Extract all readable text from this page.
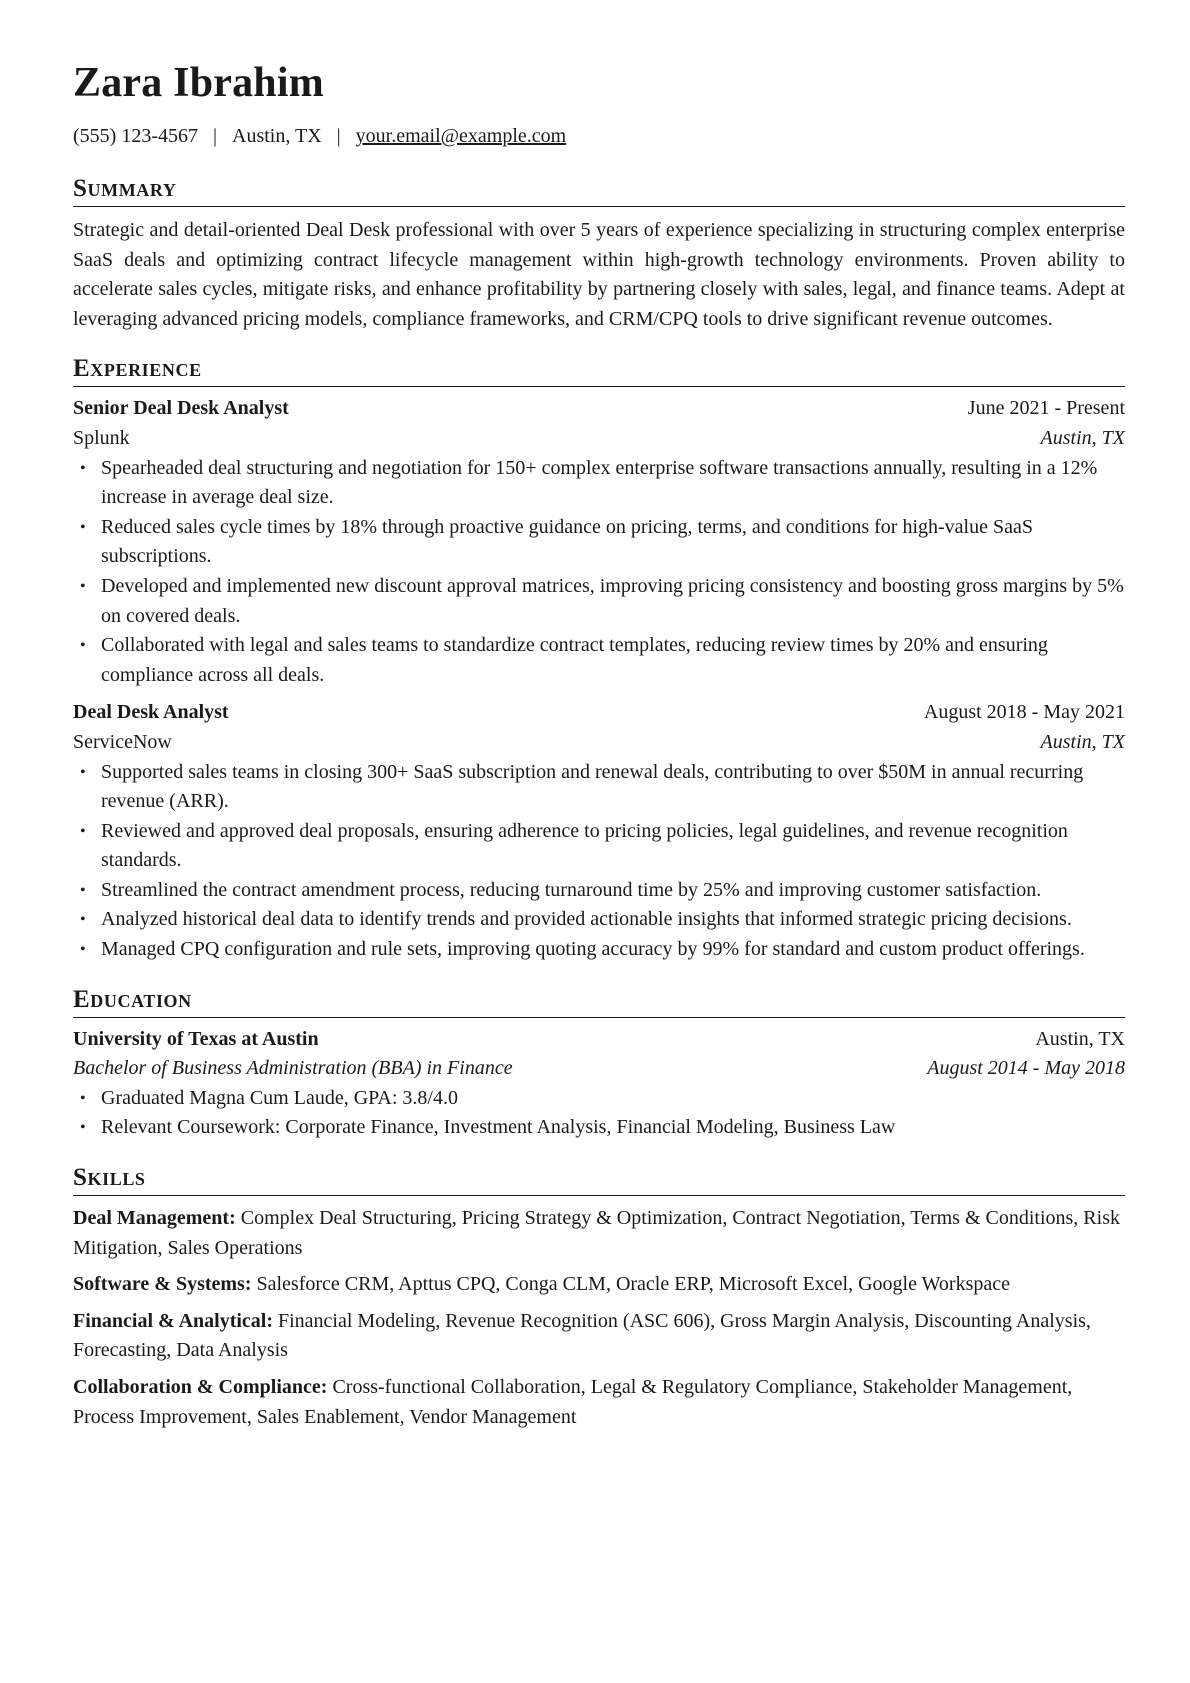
Zara Ibrahim
(555) 123-4567 | Austin, TX | your.email@example.com
Summary
Strategic and detail-oriented Deal Desk professional with over 5 years of experience specializing in structuring complex enterprise SaaS deals and optimizing contract lifecycle management within high-growth technology environments. Proven ability to accelerate sales cycles, mitigate risks, and enhance profitability by partnering closely with sales, legal, and finance teams. Adept at leveraging advanced pricing models, compliance frameworks, and CRM/CPQ tools to drive significant revenue outcomes.
Experience
Senior Deal Desk Analyst	June 2021 - Present
Splunk	Austin, TX
• Spearheaded deal structuring and negotiation for 150+ complex enterprise software transactions annually, resulting in a 12% increase in average deal size.
• Reduced sales cycle times by 18% through proactive guidance on pricing, terms, and conditions for high-value SaaS subscriptions.
• Developed and implemented new discount approval matrices, improving pricing consistency and boosting gross margins by 5% on covered deals.
• Collaborated with legal and sales teams to standardize contract templates, reducing review times by 20% and ensuring compliance across all deals.
Deal Desk Analyst	August 2018 - May 2021
ServiceNow	Austin, TX
• Supported sales teams in closing 300+ SaaS subscription and renewal deals, contributing to over $50M in annual recurring revenue (ARR).
• Reviewed and approved deal proposals, ensuring adherence to pricing policies, legal guidelines, and revenue recognition standards.
• Streamlined the contract amendment process, reducing turnaround time by 25% and improving customer satisfaction.
• Analyzed historical deal data to identify trends and provided actionable insights that informed strategic pricing decisions.
• Managed CPQ configuration and rule sets, improving quoting accuracy by 99% for standard and custom product offerings.
Education
University of Texas at Austin	Austin, TX
Bachelor of Business Administration (BBA) in Finance	August 2014 - May 2018
• Graduated Magna Cum Laude, GPA: 3.8/4.0
• Relevant Coursework: Corporate Finance, Investment Analysis, Financial Modeling, Business Law
Skills
Deal Management: Complex Deal Structuring, Pricing Strategy & Optimization, Contract Negotiation, Terms & Conditions, Risk Mitigation, Sales Operations
Software & Systems: Salesforce CRM, Apttus CPQ, Conga CLM, Oracle ERP, Microsoft Excel, Google Workspace
Financial & Analytical: Financial Modeling, Revenue Recognition (ASC 606), Gross Margin Analysis, Discounting Analysis, Forecasting, Data Analysis
Collaboration & Compliance: Cross-functional Collaboration, Legal & Regulatory Compliance, Stakeholder Management, Process Improvement, Sales Enablement, Vendor Management
